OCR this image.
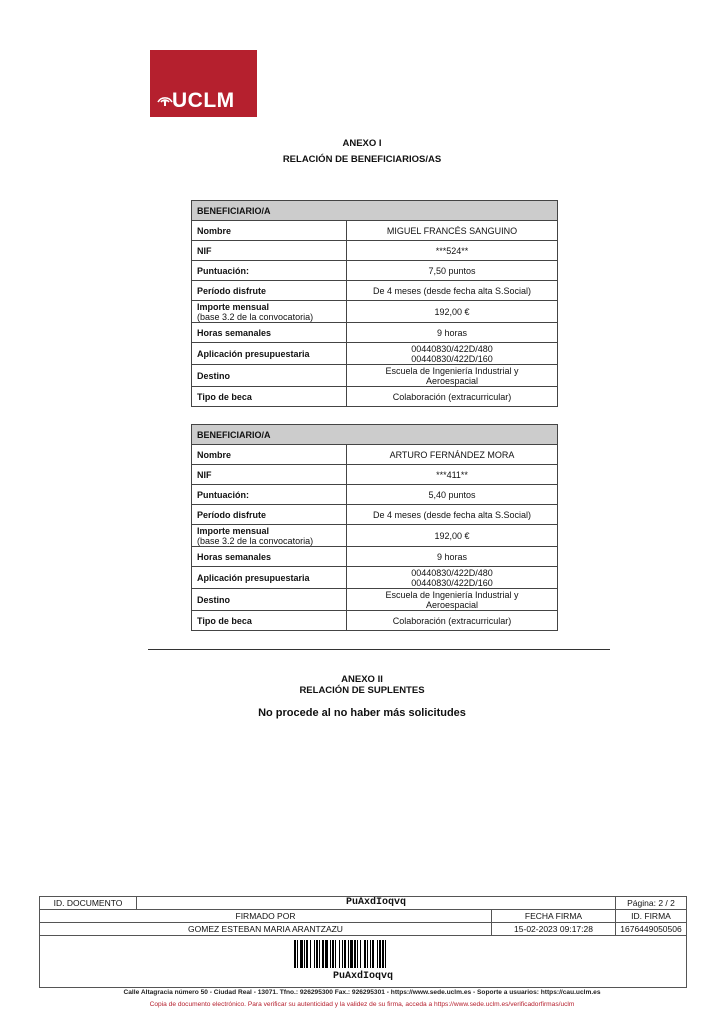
UCLM
ANEXO I
RELACIÓN DE BENEFICIARIOS/AS
BENEFICIARIO/A	
Nombre	MIGUEL FRANCÉS SANGUINO
NIF	***524**
Puntuación:	7,50 puntos
Período disfrute	De 4 meses (desde fecha alta S.Social)
Importe mensual
(base 3.2 de la convocatoria)	192,00 €
Horas semanales	9 horas
Aplicación presupuestaria	00440830/422D/480
00440830/422D/160
Destino	Escuela de Ingeniería Industrial y
Aeroespacial
Tipo de beca	Colaboración (extracurricular)
BENEFICIARIO/A	
Nombre	ARTURO FERNÁNDEZ MORA
NIF	***411**
Puntuación:	5,40 puntos
Período disfrute	De 4 meses (desde fecha alta S.Social)
Importe mensual
(base 3.2 de la convocatoria)	192,00 €
Horas semanales	9 horas
Aplicación presupuestaria	00440830/422D/480
00440830/422D/160
Destino	Escuela de Ingeniería Industrial y
Aeroespacial
Tipo de beca	Colaboración (extracurricular)
ANEXO II
RELACIÓN DE SUPLENTES
No procede al no haber más solicitudes
ID. DOCUMENTO	PuAxdIoqvq	Página: 2 / 2
FIRMADO POR	FECHA FIRMA	ID. FIRMA
GOMEZ ESTEBAN MARIA ARANTZAZU	15-02-2023 09:17:28	1676449050506
PuAxdIoqvq
Calle Altagracia número 50 - Ciudad Real - 13071. Tfno.: 926295300 Fax.: 926295301 - https://www.sede.uclm.es - Soporte a usuarios: https://cau.uclm.es
Copia de documento electrónico. Para verificar su autenticidad y la validez de su firma, acceda a https://www.sede.uclm.es/verificadorfirmas/uclm
